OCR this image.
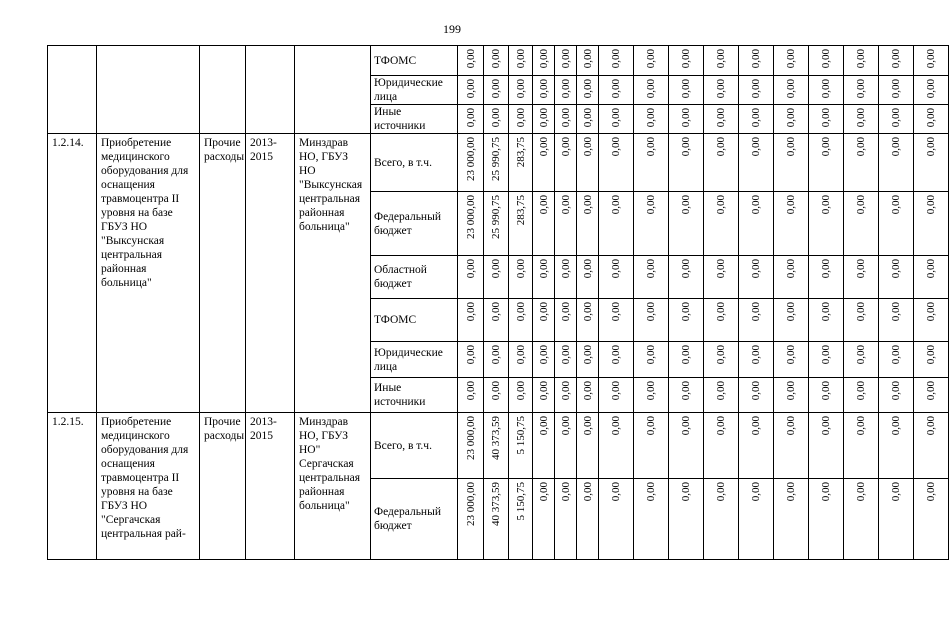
199
					ТФОМС	0,00	0,00	0,00	0,00	0,00	0,00	0,00	0,00	0,00	0,00	0,00	0,00	0,00	0,00	0,00	0,00

					Юридические лица	0,00	0,00	0,00	0,00	0,00	0,00	0,00	0,00	0,00	0,00	0,00	0,00	0,00	0,00	0,00	0,00

					Иные источники	0,00	0,00	0,00	0,00	0,00	0,00	0,00	0,00	0,00	0,00	0,00	0,00	0,00	0,00	0,00	0,00

1.2.14.	Приобретение медицинского оборудования для оснащения травмоцентра II уровня на базе ГБУЗ НО "Выксунская центральная районная больница"	Прочие расходы	2013-2015	Минздрав НО, ГБУЗ НО "Выксунская центральная районная больница"	Всего, в т.ч.	23 000,00	25 990,75	283,75	0,00	0,00	0,00	0,00	0,00	0,00	0,00	0,00	0,00	0,00	0,00	0,00	0,00

					Федеральный бюджет	23 000,00	25 990,75	283,75	0,00	0,00	0,00	0,00	0,00	0,00	0,00	0,00	0,00	0,00	0,00	0,00	0,00

					Областной бюджет	0,00	0,00	0,00	0,00	0,00	0,00	0,00	0,00	0,00	0,00	0,00	0,00	0,00	0,00	0,00	0,00

					ТФОМС	0,00	0,00	0,00	0,00	0,00	0,00	0,00	0,00	0,00	0,00	0,00	0,00	0,00	0,00	0,00	0,00

					Юридические лица	0,00	0,00	0,00	0,00	0,00	0,00	0,00	0,00	0,00	0,00	0,00	0,00	0,00	0,00	0,00	0,00

					Иные источники	0,00	0,00	0,00	0,00	0,00	0,00	0,00	0,00	0,00	0,00	0,00	0,00	0,00	0,00	0,00	0,00

1.2.15.	Приобретение медицинского оборудования для оснащения травмоцентра II уровня на базе ГБУЗ НО "Сергачская центральная рай-	Прочие расходы	2013-2015	Минздрав НО, ГБУЗ НО" Сергачская центральная районная больница"	Всего, в т.ч.	23 000,00	40 373,59	5 150,75	0,00	0,00	0,00	0,00	0,00	0,00	0,00	0,00	0,00	0,00	0,00	0,00	0,00

					Федеральный бюджет	23 000,00	40 373,59	5 150,75	0,00	0,00	0,00	0,00	0,00	0,00	0,00	0,00	0,00	0,00	0,00	0,00	0,00
